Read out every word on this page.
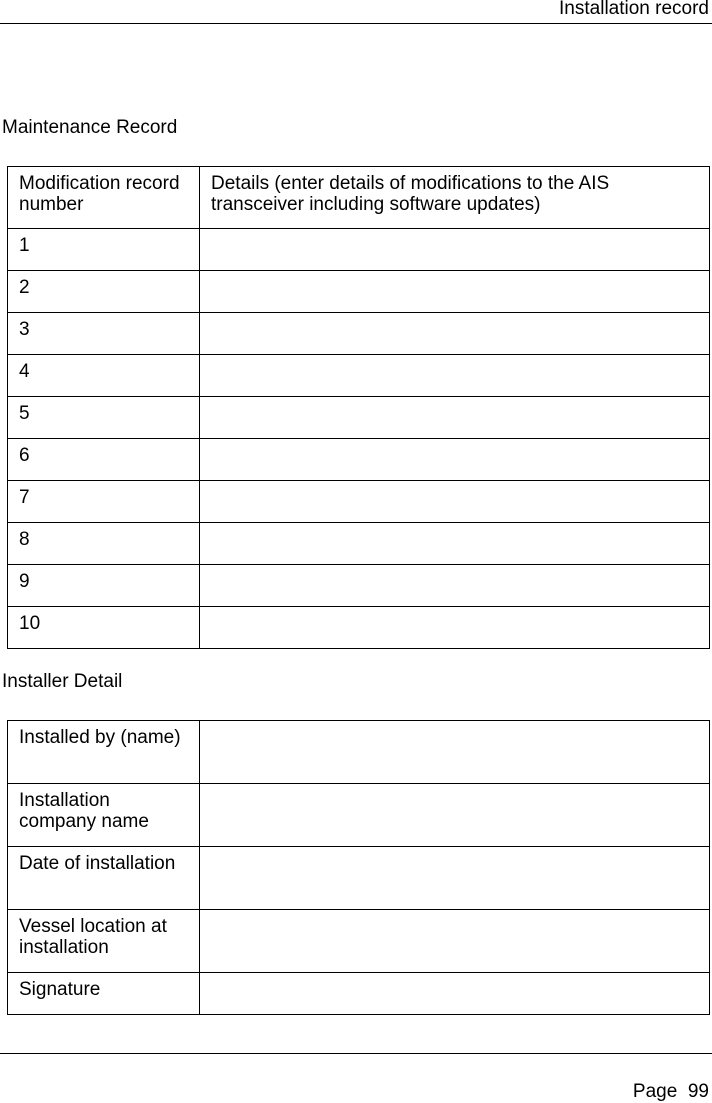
Installation record
Maintenance Record
Modification record number	Details (enter details of modifications to the AIS transceiver including software updates)
1	
2	
3	
4	
5	
6	
7	
8	
9	
10	
Installer Detail
Installed by (name)	
Installation company name	
Date of installation	
Vessel location at installation	
Signature	
Page 99
